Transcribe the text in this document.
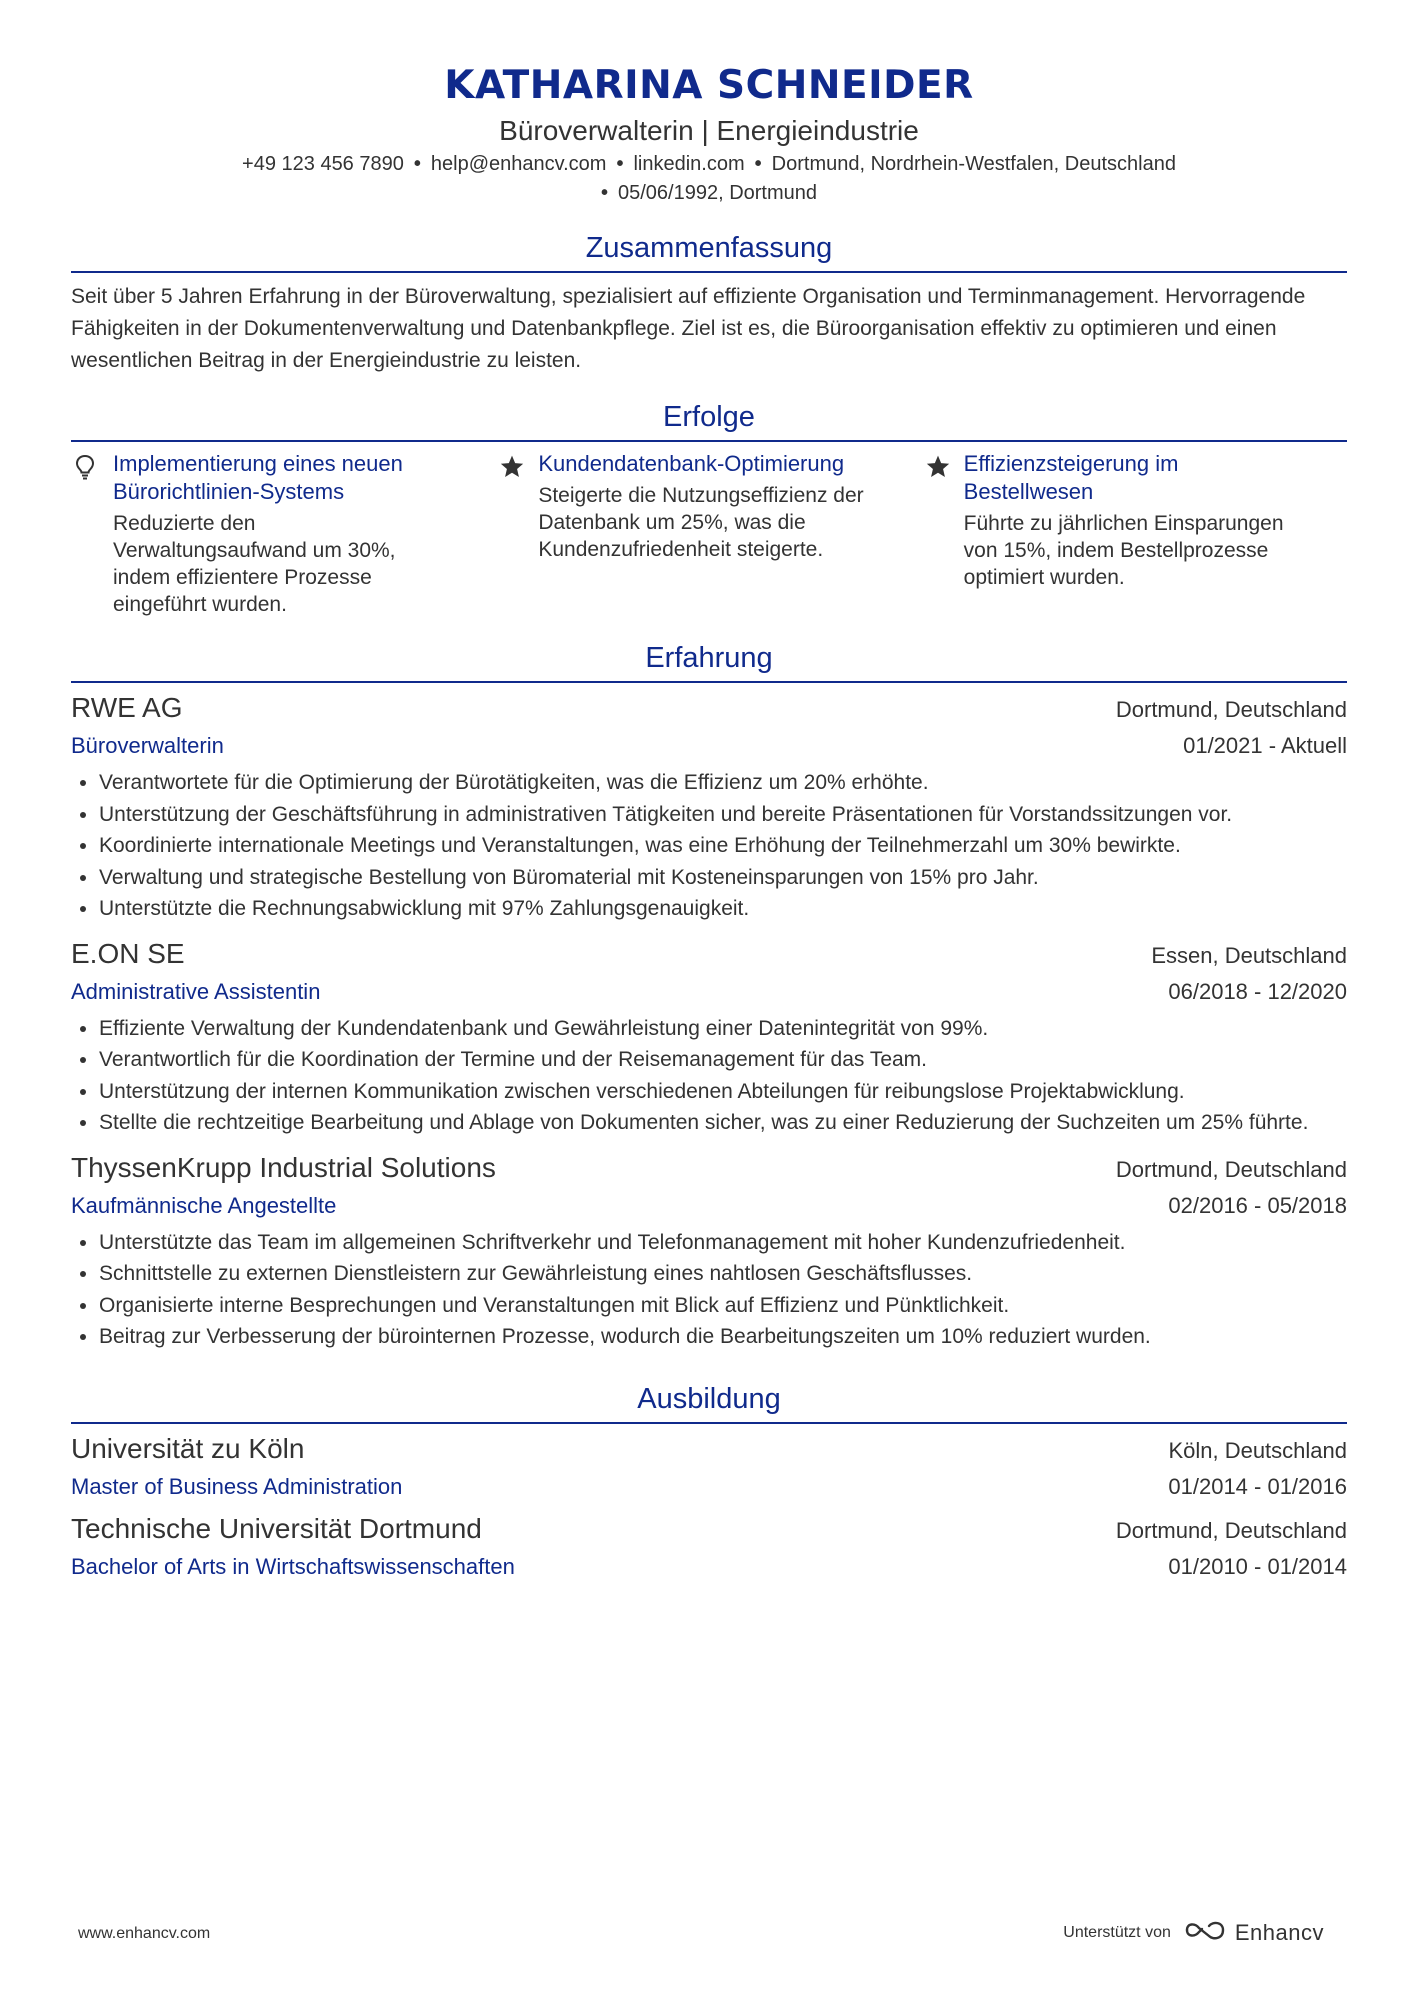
KATHARINA SCHNEIDER
Büroverwalterin | Energieindustrie
+49 123 456 7890 • help@enhancv.com • linkedin.com • Dortmund, Nordrhein-Westfalen, Deutschland
• 05/06/1992, Dortmund
Zusammenfassung
Seit über 5 Jahren Erfahrung in der Büroverwaltung, spezialisiert auf effiziente Organisation und Terminmanagement. Hervorragende Fähigkeiten in der Dokumentenverwaltung und Datenbankpflege. Ziel ist es, die Büroorganisation effektiv zu optimieren und einen wesentlichen Beitrag in der Energieindustrie zu leisten.
Erfolge
Implementierung eines neuen Bürorichtlinien-Systems
Reduzierte den Verwaltungsaufwand um 30%, indem effizientere Prozesse eingeführt wurden.
Kundendatenbank-Optimierung
Steigerte die Nutzungseffizienz der Datenbank um 25%, was die Kundenzufriedenheit steigerte.
Effizienzsteigerung im Bestellwesen
Führte zu jährlichen Einsparungen von 15%, indem Bestellprozesse optimiert wurden.
Erfahrung
RWE AG	Dortmund, Deutschland
Büroverwalterin	01/2021 - Aktuell
Verantwortete für die Optimierung der Bürotätigkeiten, was die Effizienz um 20% erhöhte.
Unterstützung der Geschäftsführung in administrativen Tätigkeiten und bereite Präsentationen für Vorstandssitzungen vor.
Koordinierte internationale Meetings und Veranstaltungen, was eine Erhöhung der Teilnehmerzahl um 30% bewirkte.
Verwaltung und strategische Bestellung von Büromaterial mit Kosteneinsparungen von 15% pro Jahr.
Unterstützte die Rechnungsabwicklung mit 97% Zahlungsgenauigkeit.
E.ON SE	Essen, Deutschland
Administrative Assistentin	06/2018 - 12/2020
Effiziente Verwaltung der Kundendatenbank und Gewährleistung einer Datenintegrität von 99%.
Verantwortlich für die Koordination der Termine und der Reisemanagement für das Team.
Unterstützung der internen Kommunikation zwischen verschiedenen Abteilungen für reibungslose Projektabwicklung.
Stellte die rechtzeitige Bearbeitung und Ablage von Dokumenten sicher, was zu einer Reduzierung der Suchzeiten um 25% führte.
ThyssenKrupp Industrial Solutions	Dortmund, Deutschland
Kaufmännische Angestellte	02/2016 - 05/2018
Unterstützte das Team im allgemeinen Schriftverkehr und Telefonmanagement mit hoher Kundenzufriedenheit.
Schnittstelle zu externen Dienstleistern zur Gewährleistung eines nahtlosen Geschäftsflusses.
Organisierte interne Besprechungen und Veranstaltungen mit Blick auf Effizienz und Pünktlichkeit.
Beitrag zur Verbesserung der bürointernen Prozesse, wodurch die Bearbeitungszeiten um 10% reduziert wurden.
Ausbildung
Universität zu Köln	Köln, Deutschland
Master of Business Administration	01/2014 - 01/2016
Technische Universität Dortmund	Dortmund, Deutschland
Bachelor of Arts in Wirtschaftswissenschaften	01/2010 - 01/2014
www.enhancv.com	Unterstützt von	Enhancv
